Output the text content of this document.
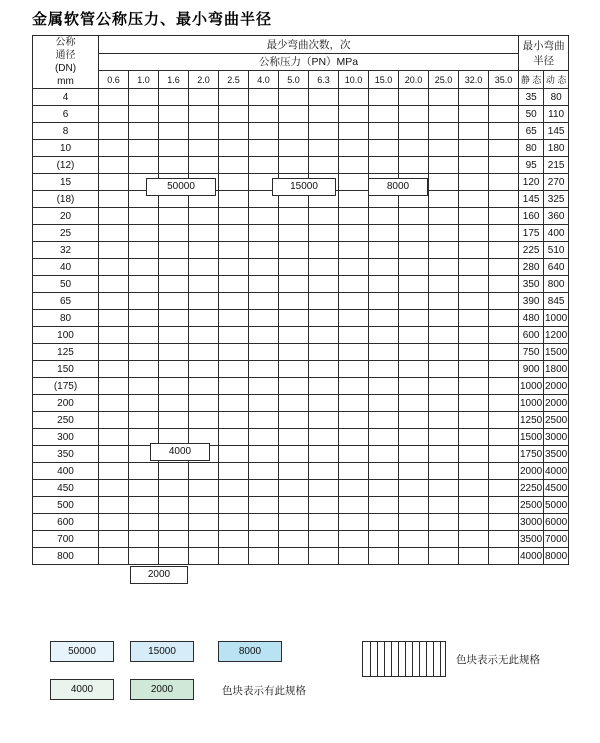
金属软管公称压力、最小弯曲半径
公称
通径
(DN)
mm	最少弯曲次数，次														最小弯曲半径	
	公称压力（PN）MPa															
	0.6	1.0	1.6	2.0	2.5	4.0	5.0	6.3	10.0	15.0	20.0	25.0	32.0	35.0	静 态	动 态
4															35	80
6															50	110
8															65	145
10															80	180
(12)															95	215
15															120	270
(18)															145	325
20															160	360
25															175	400
32															225	510
40															280	640
50															350	800
65															390	845
80															480	1000
100															600	1200
125															750	1500
150															900	1800
(175)															1000	2000
200															1000	2000
250															1250	2500
300															1500	3000
350															1750	3500
400															2000	4000
450															2250	4500
500															2500	5000
600															3000	6000
700															3500	7000
800															4000	8000
50000	15000	8000
4000
2000
50000	15000	8000
4000	2000	色块表示有此规格
色块表示无此规格
